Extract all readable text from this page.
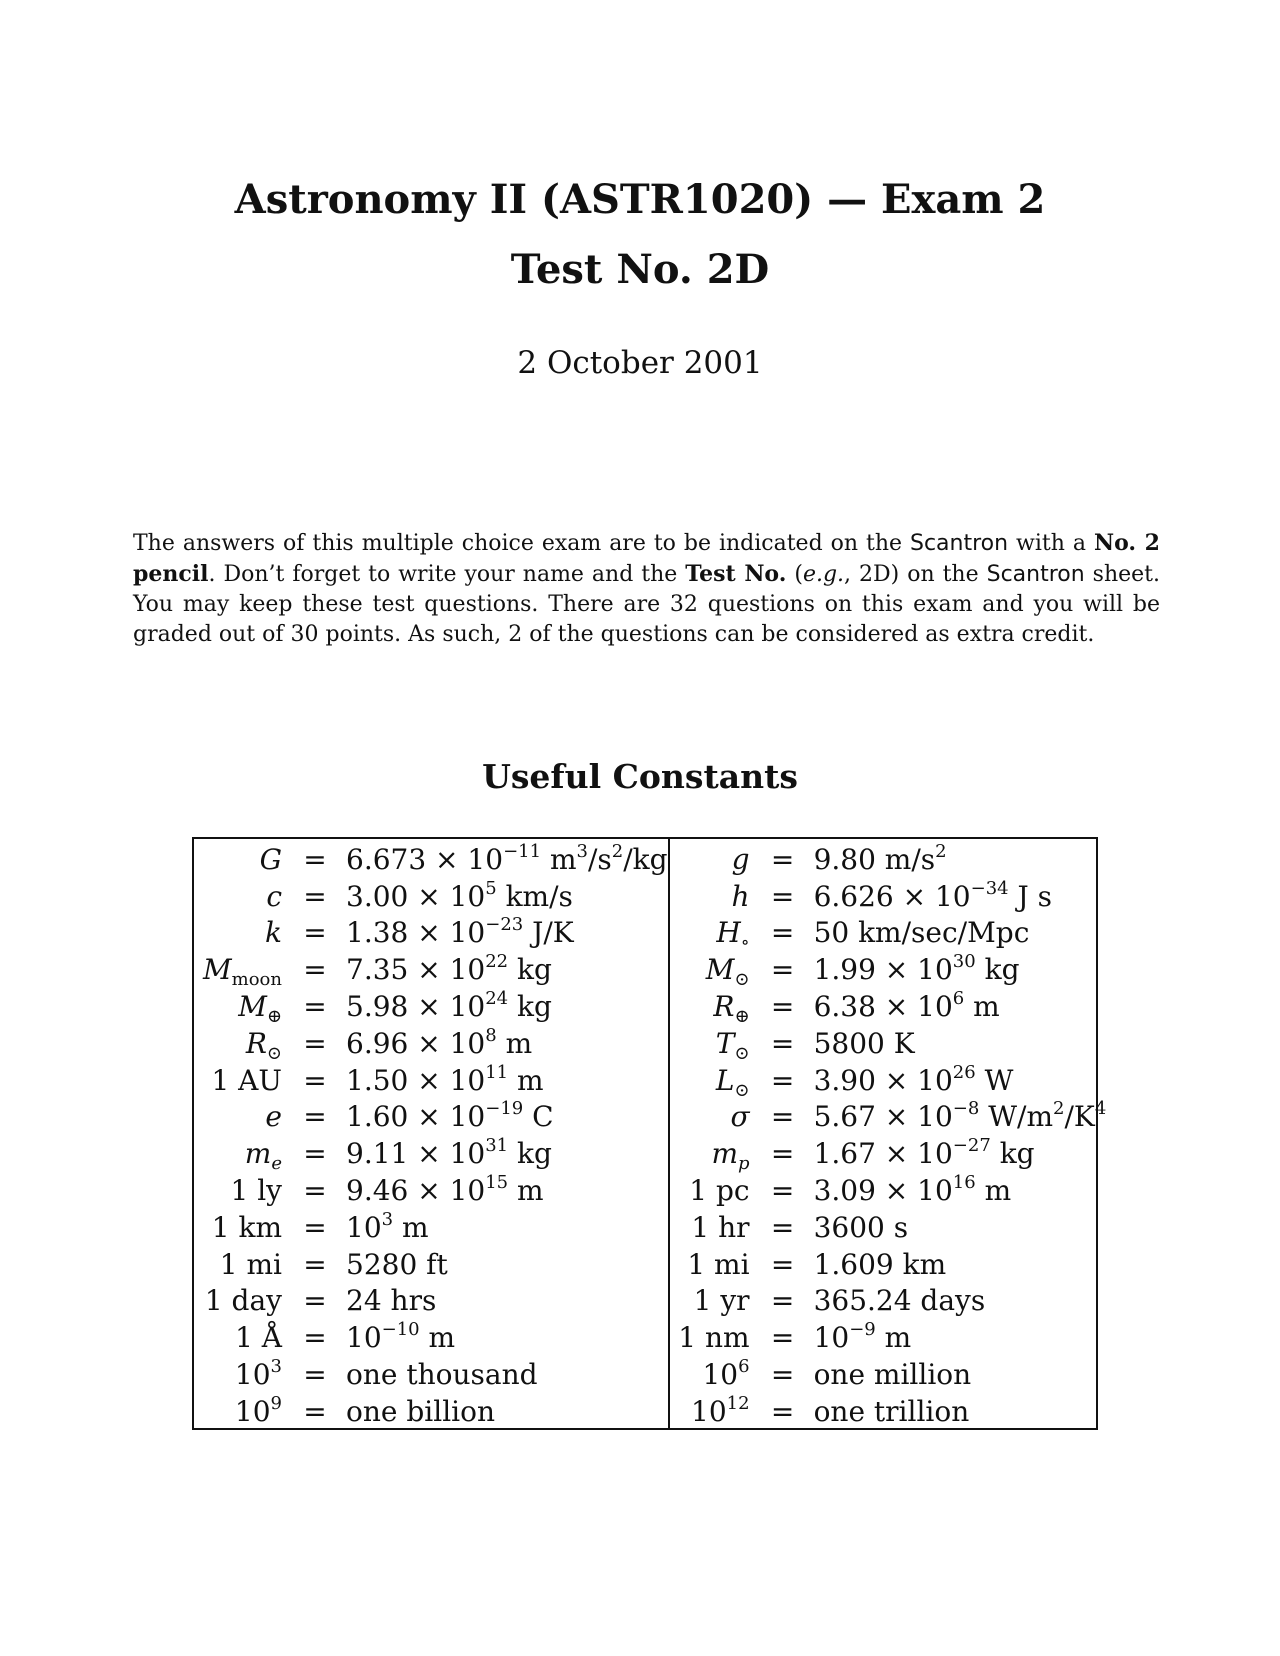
Astronomy II (ASTR1020) — Exam 2
Test No. 2D
2 October 2001
The answers of this multiple choice exam are to be indicated on the Scantron with a No. 2 pencil. Don’t forget to write your name and the Test No. (e.g., 2D) on the Scantron sheet. You may keep these test questions. There are 32 questions on this exam and you will be graded out of 30 points. As such, 2 of the questions can be considered as extra credit.
Useful Constants
$G = 6.673 \times 10^{-11}$ $m^3/s^2/kg$
$c = 3.00 \times 10^5$ km/s
$k = 1.38 \times 10^{-23}$ J/K
$M_{moon} = 7.35 \times 10^{22}$ kg
$M_\oplus = 5.98 \times 10^{24}$ kg
$R_⊙ = 6.96 \times 10^8$ m
1 AU = $1.50 \times 10^{11}$ m
$e = 1.60 \times 10^{-19}$ C
$m_e = 9.11 \times 10^{31}$ kg
1 ly = $9.46 \times 10^{15}$ m
1 km = $10^3$ m
1 mi = 5280 ft
1 day = 24 hrs
1 Å = $10^{-10}$ m
$10^3$ = one thousand
$10^9$ = one billion
g = 9.80 $m/s^2$
$h = 6.626 \times 10^{-34}$ J s
$H_\circ = 50$ km/sec/Mpc
$M_⊙ = 1.99 \times 10^{30}$ kg
$R_\oplus = 6.38 \times 10^6$ m
$T_⊙ = 5800$ K
$L_⊙ = 3.90 \times 10^{26}$ W
$\sigma = 5.67 \times 10^{-8}$ $W/m^2/K^4$
$m_p = 1.67 \times 10^{-27}$ kg
1 pc = $3.09 \times 10^{16}$ m
1 hr = 3600 s
1 mi = 1.609 km
1 yr = 365.24 days
1 nm = $10^{-9}$ m
$10^6$ = one million
$10^{12}$ = one trillion
